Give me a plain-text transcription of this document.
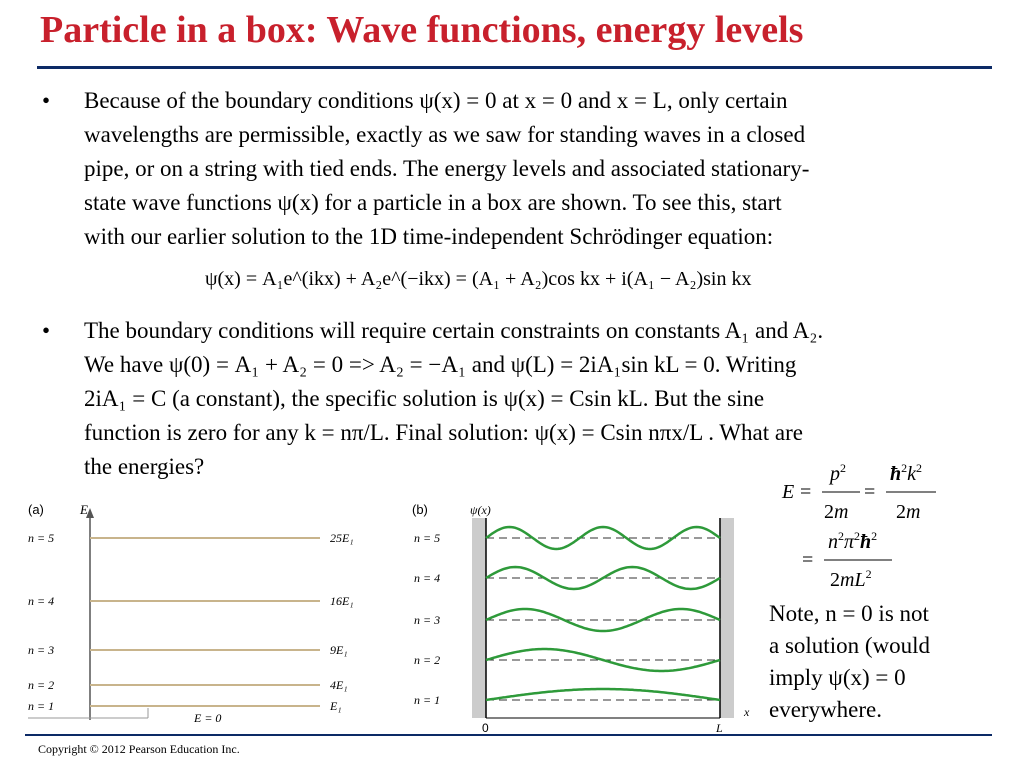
Particle in a box: Wave functions, energy levels
• Because of the boundary conditions ψ(x) = 0 at x = 0 and x = L, only certain
wavelengths are permissible, exactly as we saw for standing waves in a closed
pipe, or on a string with tied ends. The energy levels and associated stationary-
state wave functions ψ(x) for a particle in a box are shown. To see this, start
with our earlier solution to the 1D time-independent Schrödinger equation:
ψ(x) = A₁e^(ikx) + A₂e^(−ikx) = (A₁ + A₂)cos kx + i(A₁ − A₂)sin kx
• The boundary conditions will require certain constraints on constants A₁ and A₂.
We have ψ(0) = A₁ + A₂ = 0 => A₂ = −A₁ and ψ(L) = 2iA₁sin kL = 0. Writing
2iA₁ = C (a constant), the specific solution is ψ(x) = Csin kL. But the sine
function is zero for any k = nπ/L. Final solution: ψ(x) = Csin nπx/L . What are
the energies?
(a)	E
n = 5	25E₁
n = 4	16E₁
n = 3	9E₁
n = 2	4E₁
n = 1	E₁
E = 0
(b)	ψ(x)
n = 5
n = 4
n = 3
n = 2
n = 1
x
0	L
E =
$p^2$
2m
=
$ħ^2k^2$
2m
=
$n^2\pi^2ħ^2$
$2mL^2$
Note, n = 0 is not
a solution (would
imply ψ(x) = 0
everywhere.
Copyright © 2012 Pearson Education Inc.
